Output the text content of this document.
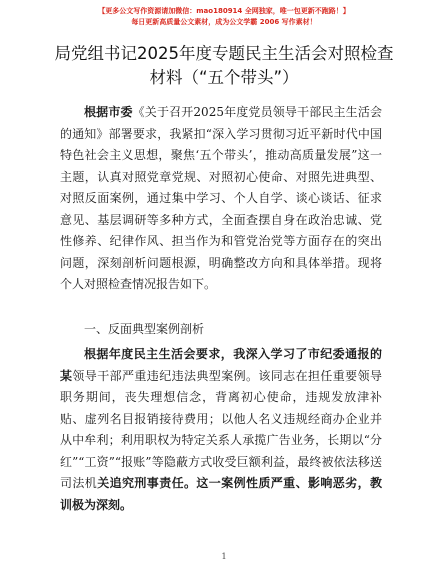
【更多公文写作资源请加微信：mao180914 全网独家，唯一包更新不跑路！】
每日更新高质量公文素材，成为公文学霸 2006 写作素材！
局党组书记2025年度专题民主生活会对照检查材料（“五个带头”）

根据市委《关于召开2025年度党员领导干部民主生活会的通知》部署要求，我紧扣“深入学习贯彻习近平新时代中国特色社会主义思想，聚焦‘五个带头’，推动高质量发展”这一主题，认真对照党章党规、对照初心使命、对照先进典型、对照反面案例，通过集中学习、个人自学、谈心谈话、征求意见、基层调研等多种方式，全面查摆自身在政治忠诚、党性修养、纪律作风、担当作为和管党治党等方面存在的突出问题，深刻剖析问题根源，明确整改方向和具体举措。现将个人对照检查情况报告如下。

一、反面典型案例剖析

根据年度民主生活会要求，我深入学习了市纪委通报的某领导干部严重违纪违法典型案例。该同志在担任重要领导职务期间，丧失理想信念，背离初心使命，违规发放津补贴、虚列名目报销接待费用；以他人名义违规经商办企业并从中牟利；利用职权为特定关系人承揽广告业务，长期以“分红”“工资”“报账”等隐蔽方式收受巨额利益，最终被依法移送司法机关追究刑事责任。这一案例性质严重、影响恶劣，教训极为深刻。

1
